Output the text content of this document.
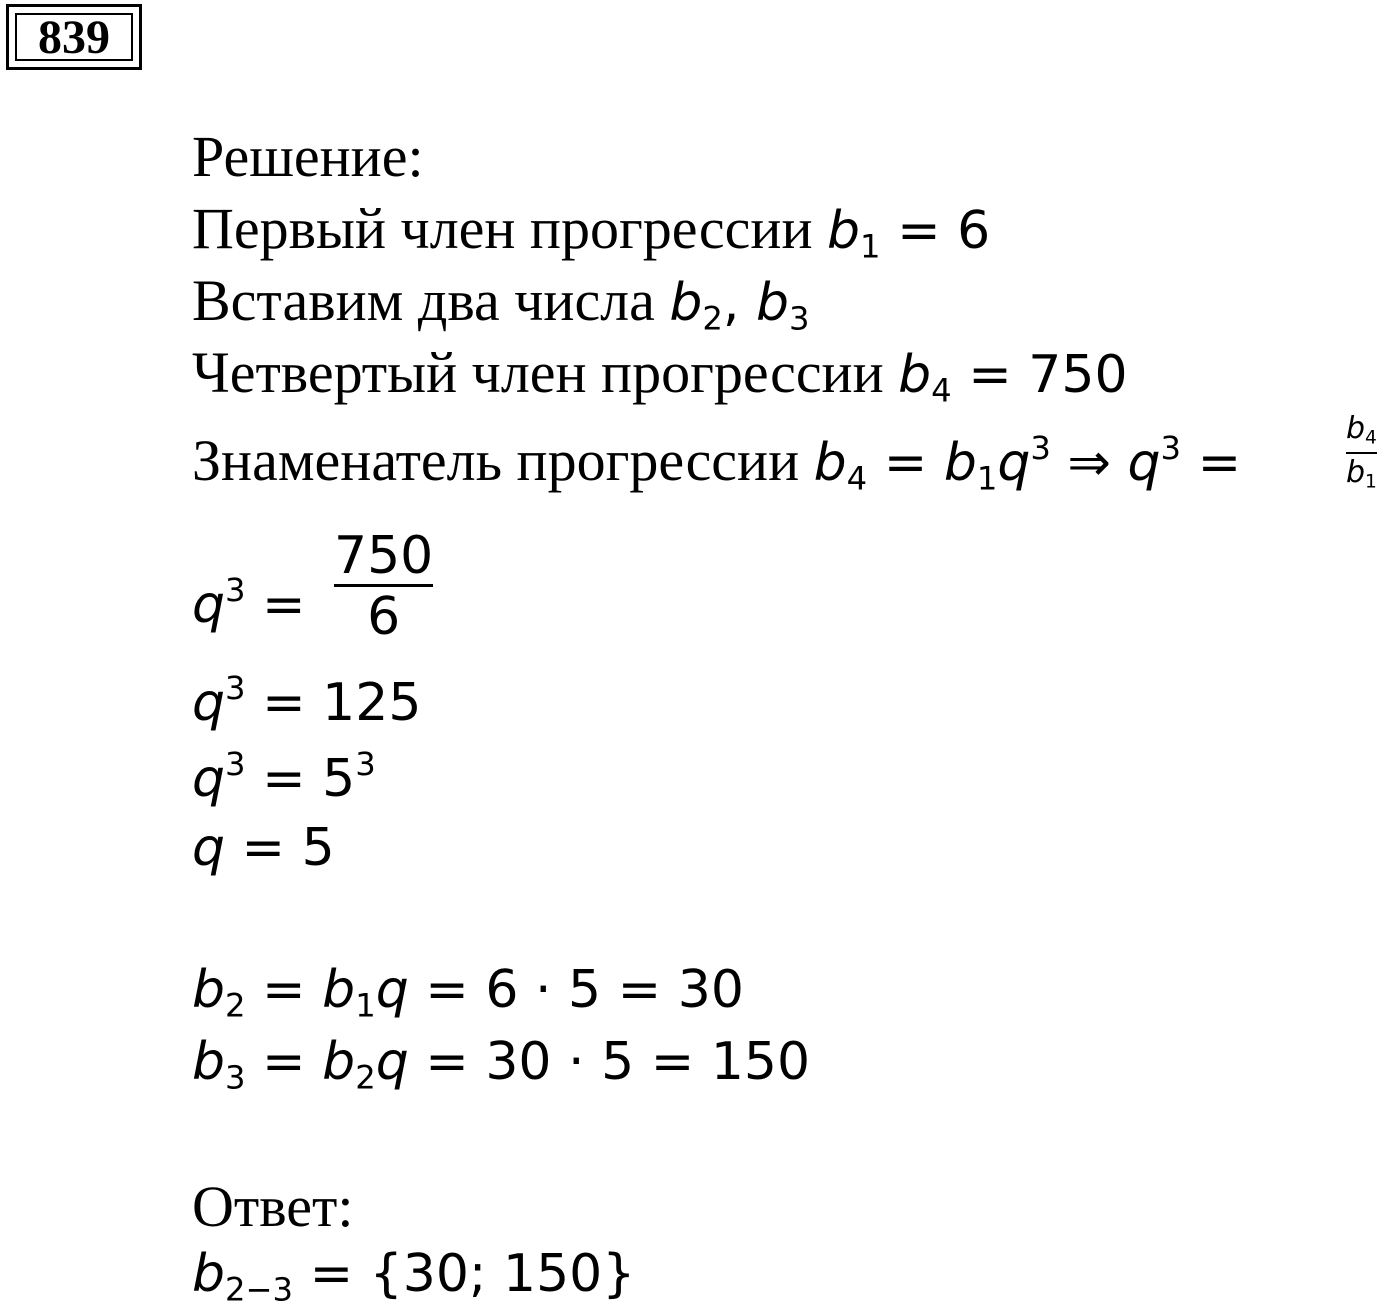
839
Решение:
Первый член прогрессии $b_1 = 6$
Вставим два числа $b_2$, $b_3$
Четвертый член прогрессии $b_4 = 750$
Знаменатель прогрессии $b_4 = b_1q^3$ ⇒ $q^3$ =
$b_4$
$b_1$
$q^3$ =
750
6
$q^3 = 125$
$q^3 = 5^3$
q = 5
$b_2 = b_1q = 6 \cdot 5 = 30$
$b_3 = b_2q = 30 \cdot 5 = 150$
Ответ:
$b_{2-3} = \{30$; 150}
